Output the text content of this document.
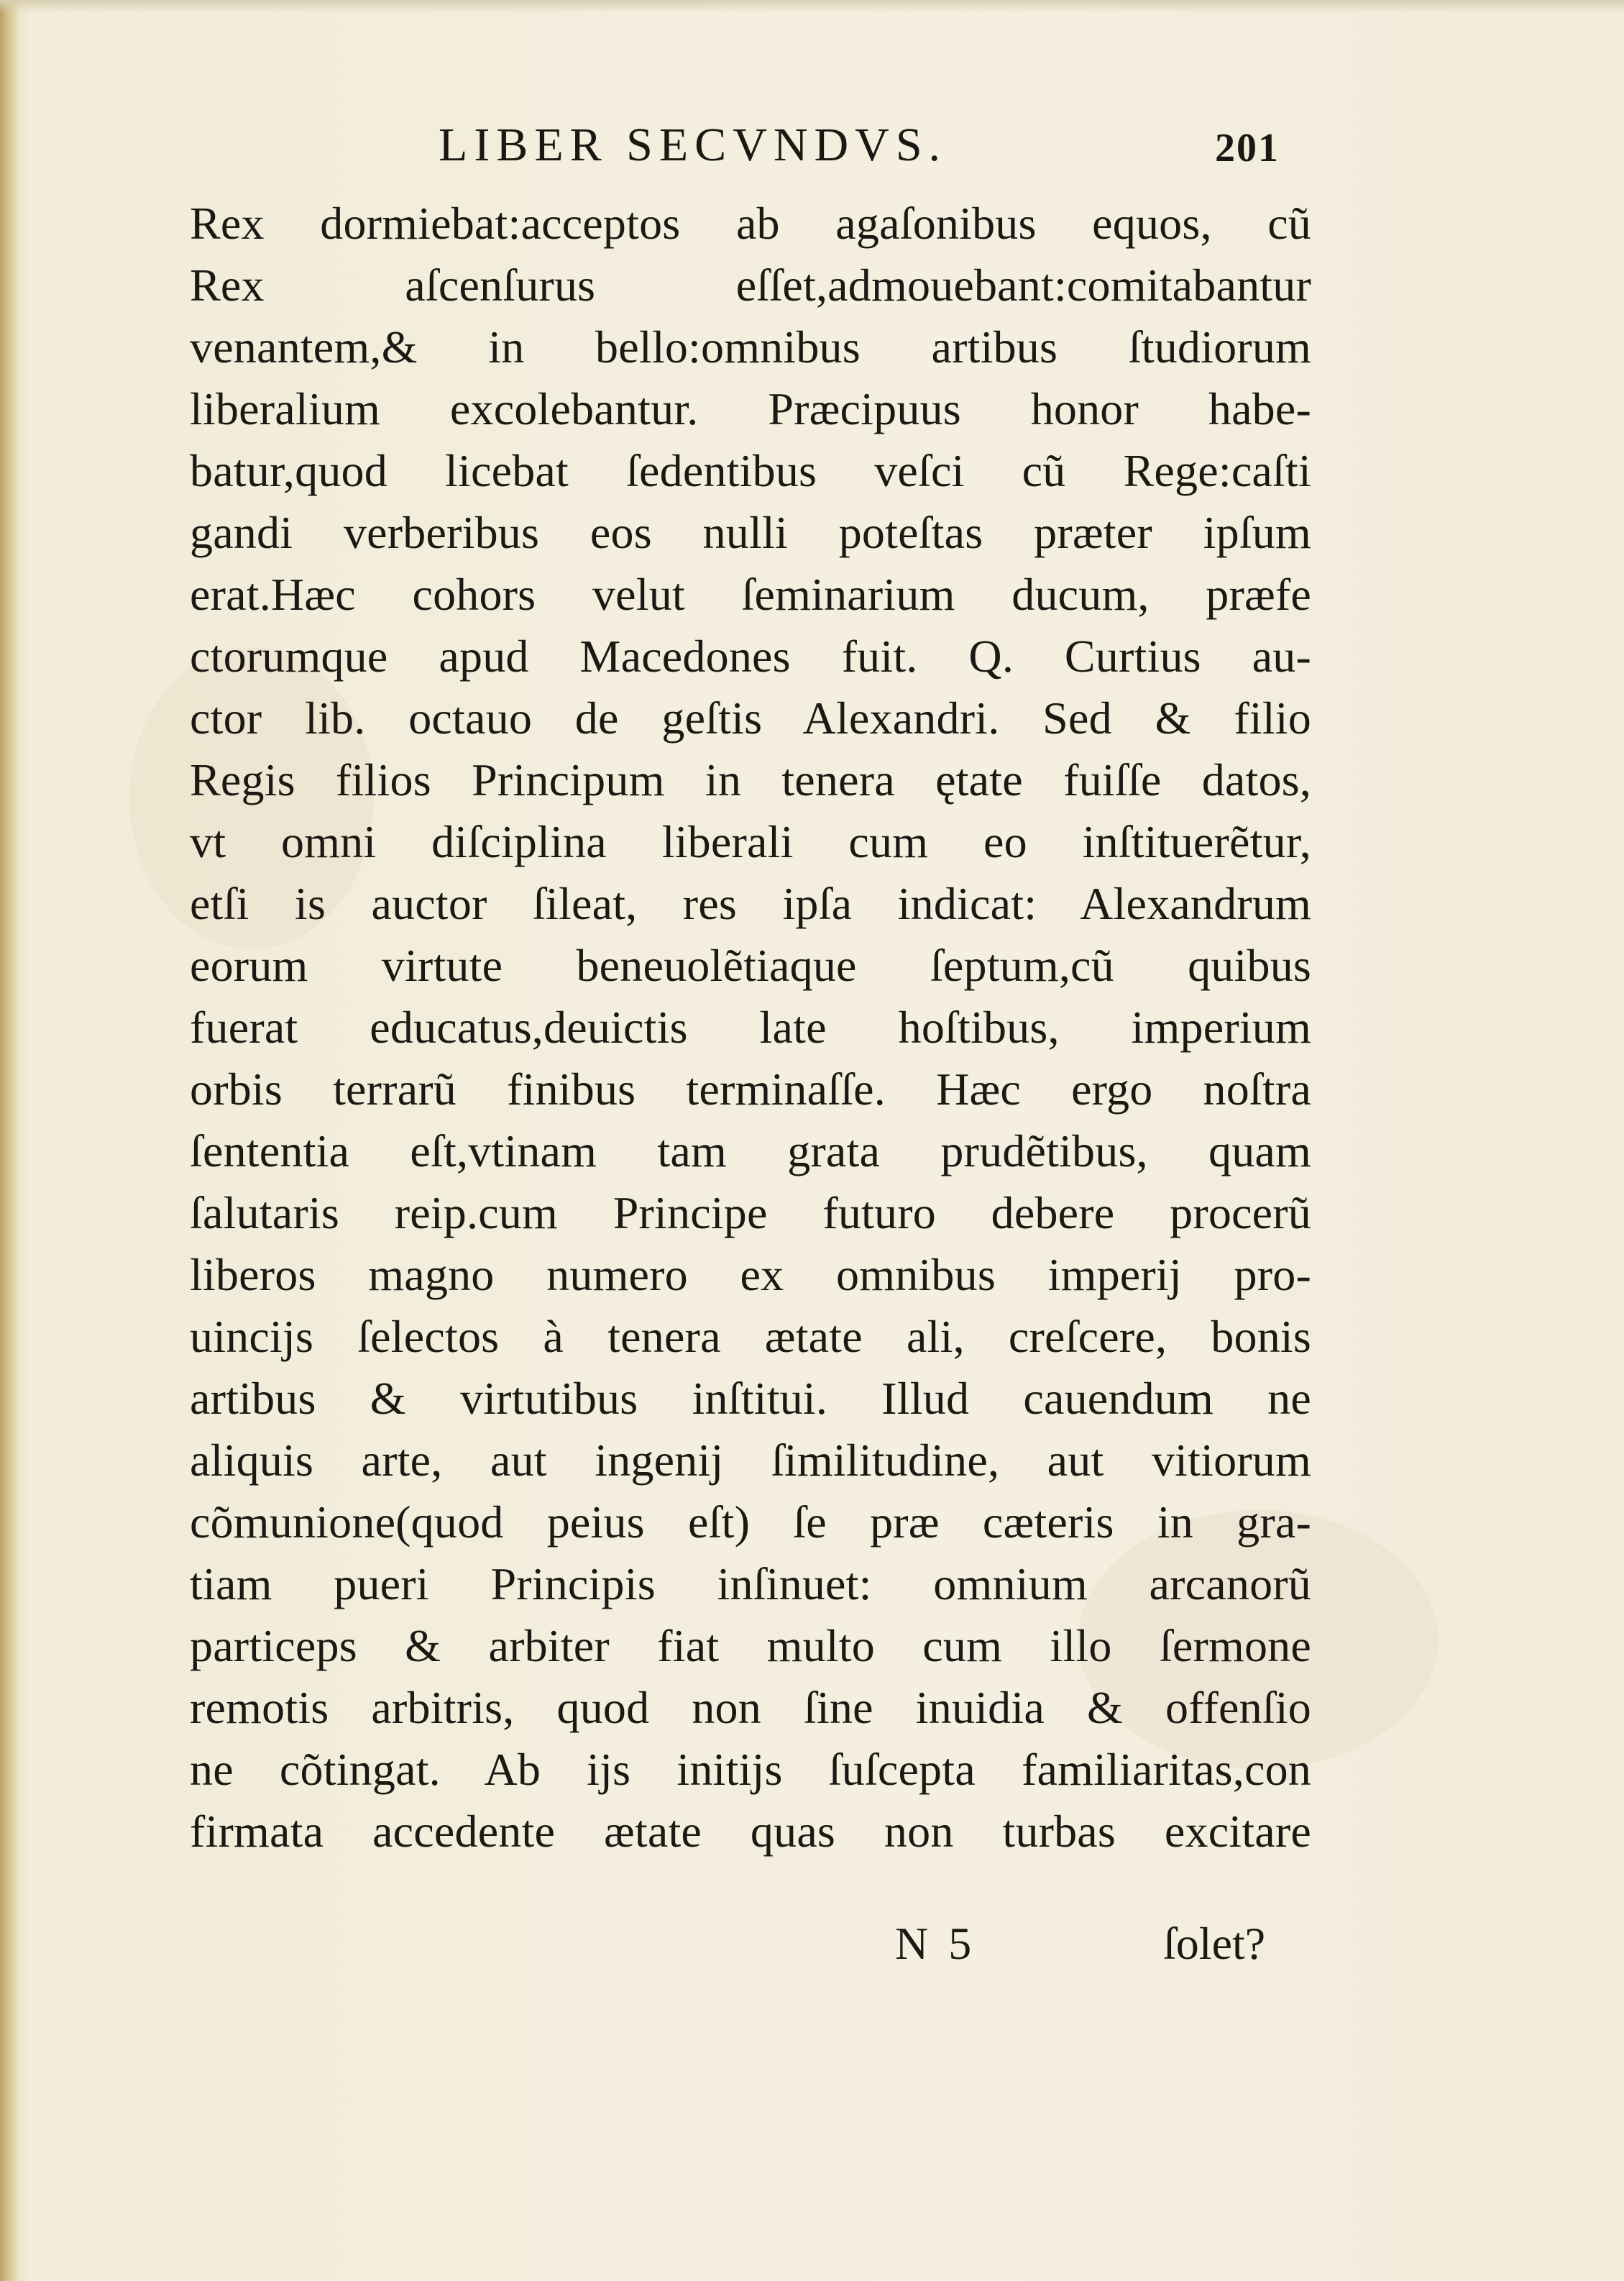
LIBER SECVNDVS.	201
Rex dormiebat:acceptos ab agaſonibus equos, cũ
Rex aſcenſurus eſſet,admouebant:comitabantur
venantem,& in bello:omnibus artibus ſtudiorum
liberalium excolebantur. Præcipuus honor habe-
batur,quod licebat ſedentibus veſci cũ Rege:caſti
gandi verberibus eos nulli poteſtas præter ipſum
erat.Hæc cohors velut ſeminarium ducum, præfe
ctorumque apud Macedones fuit. Q. Curtius au-
ctor lib. octauo de geſtis Alexandri. Sed & filio
Regis filios Principum in tenera ętate fuiſſe datos,
vt omni diſciplina liberali cum eo inſtituerẽtur,
etſi is auctor ſileat, res ipſa indicat: Alexandrum
eorum virtute beneuolẽtiaque ſeptum,cũ quibus
fuerat educatus,deuictis late hoſtibus, imperium
orbis terrarũ finibus terminaſſe. Hæc ergo noſtra
ſententia eſt,vtinam tam grata prudẽtibus, quam
ſalutaris reip.cum Principe futuro debere procerũ
liberos magno numero ex omnibus imperij pro-
uincijs ſelectos à tenera ætate ali, creſcere, bonis
artibus & virtutibus inſtitui. Illud cauendum ne
aliquis arte, aut ingenij ſimilitudine, aut vitiorum
cõmunione(quod peius eſt) ſe præ cæteris in gra-
tiam pueri Principis inſinuet: omnium arcanorũ
particeps & arbiter fiat multo cum illo ſermone
remotis arbitris, quod non ſine inuidia & offenſio
ne cõtingat. Ab ijs initijs ſuſcepta familiaritas,con
firmata accedente ætate quas non turbas excitare
N 5	ſolet?
